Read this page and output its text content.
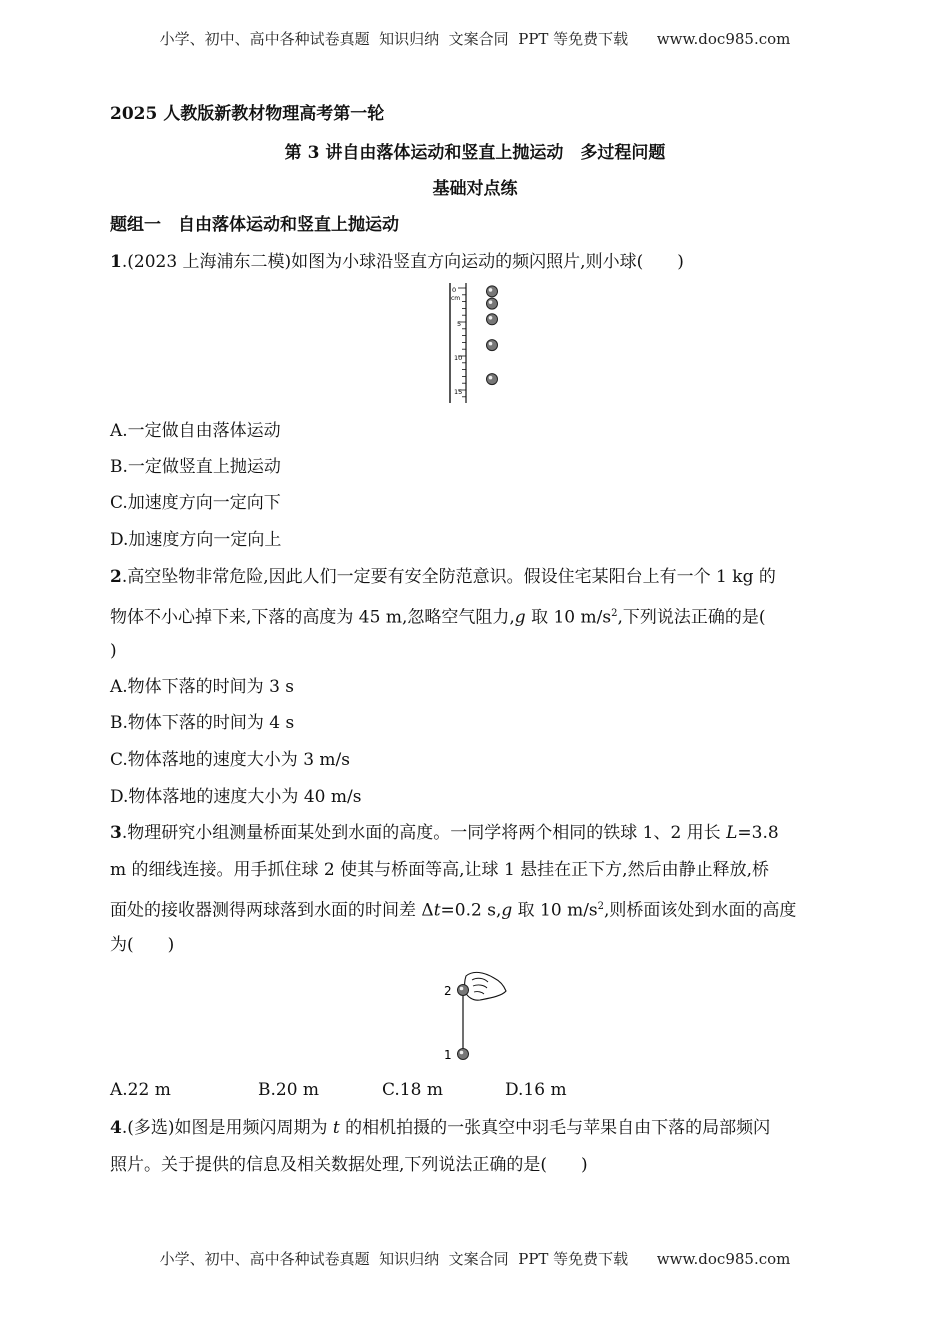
小学、初中、高中各种试卷真题  知识归纳  文案合同  PPT 等免费下载      www.doc985.com
2025 人教版新教材物理高考第一轮
第 3 讲自由落体运动和竖直上抛运动　多过程问题
基础对点练
题组一　自由落体运动和竖直上抛运动
1.(2023 上海浦东二模)如图为小球沿竖直方向运动的频闪照片,则小球(　　)
0
cm
5
10
15
A.一定做自由落体运动
B.一定做竖直上抛运动
C.加速度方向一定向下
D.加速度方向一定向上
2.高空坠物非常危险,因此人们一定要有安全防范意识。假设住宅某阳台上有一个 1 kg 的
物体不小心掉下来,下落的高度为 45 m,忽略空气阻力,g 取 10 $m/s^2$,下列说法正确的是(
)
A.物体下落的时间为 3 s
B.物体下落的时间为 4 s
C.物体落地的速度大小为 3 m/s
D.物体落地的速度大小为 40 m/s
3.物理研究小组测量桥面某处到水面的高度。一同学将两个相同的铁球 1、2 用长 L=3.8
m 的细线连接。用手抓住球 2 使其与桥面等高,让球 1 悬挂在正下方,然后由静止释放,桥
面处的接收器测得两球落到水面的时间差 Δt=0.2 s,g 取 10 $m/s^2$,则桥面该处到水面的高度
为(　　)
2
1
A.22 m	B.20 m	C.18 m	D.16 m
4.(多选)如图是用频闪周期为 t 的相机拍摄的一张真空中羽毛与苹果自由下落的局部频闪
照片。关于提供的信息及相关数据处理,下列说法正确的是(　　)
小学、初中、高中各种试卷真题  知识归纳  文案合同  PPT 等免费下载      www.doc985.com
